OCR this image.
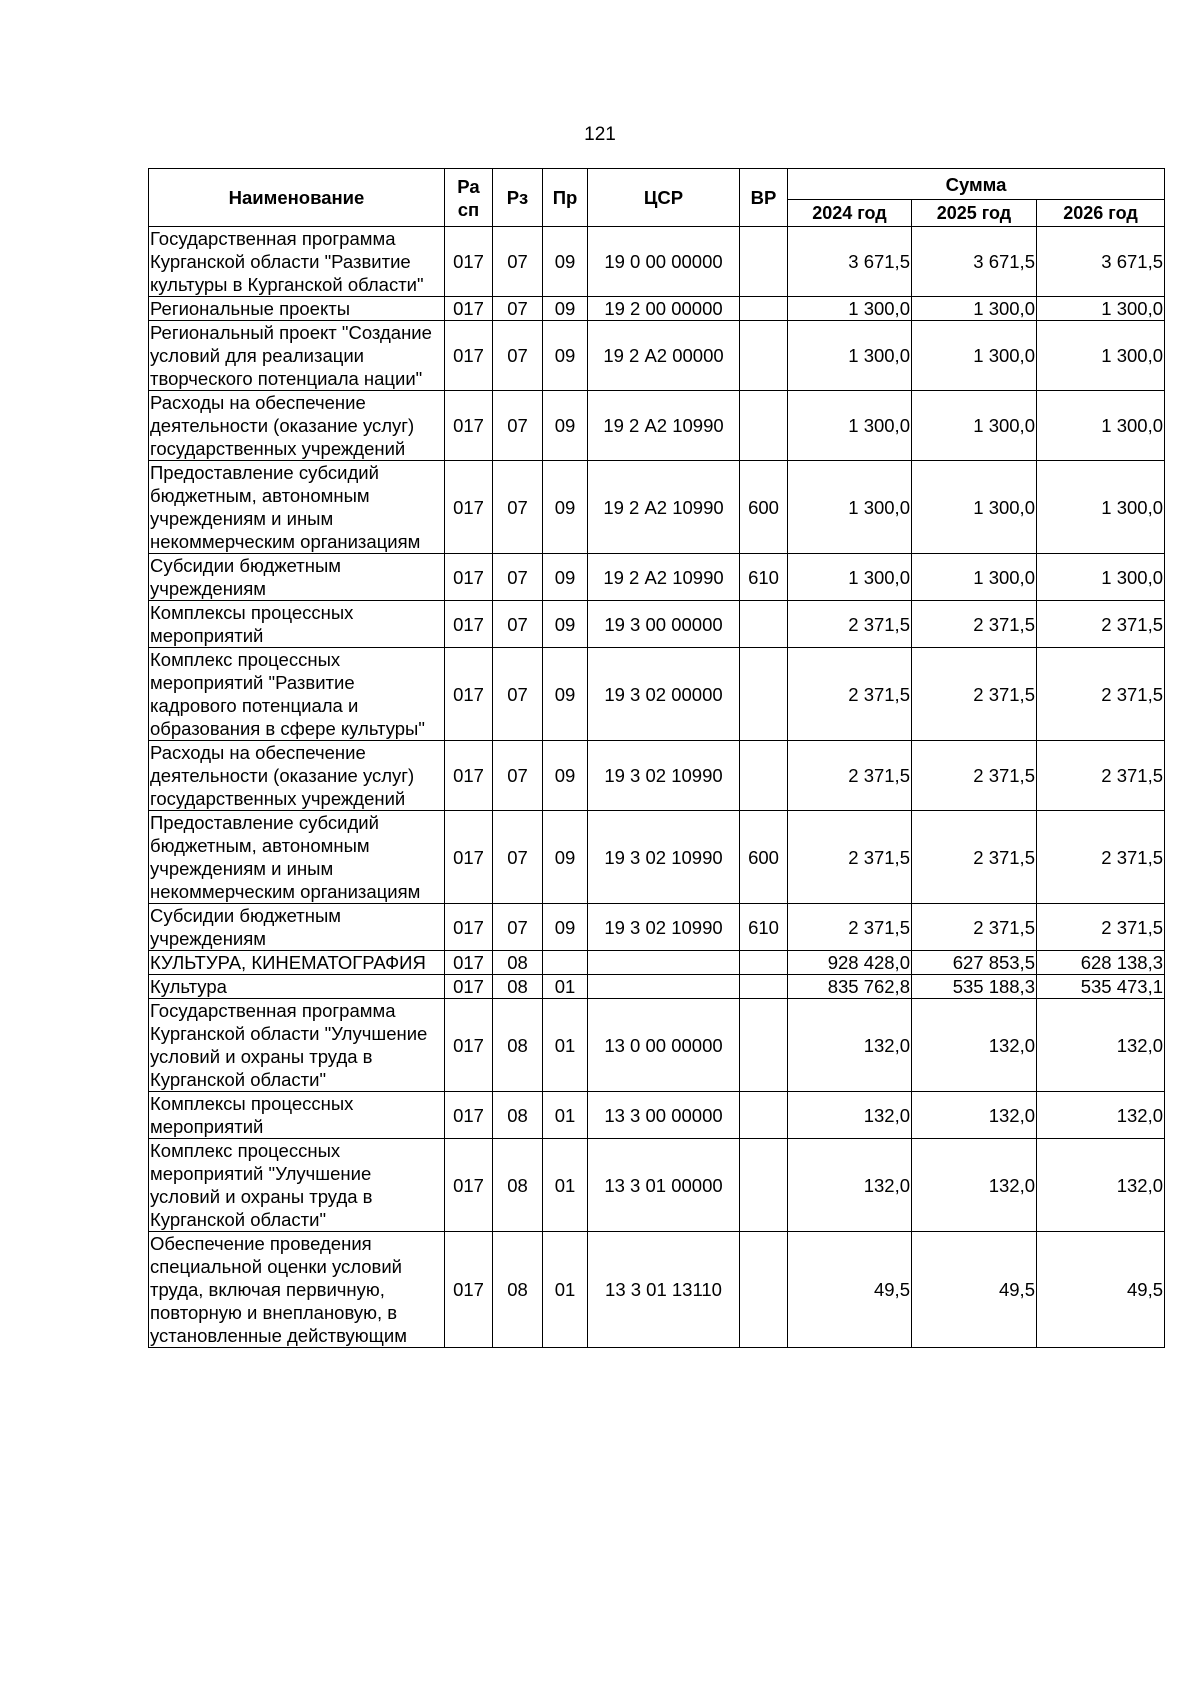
121
Наименование	Ра сп	Рз	Пр	ЦСР	ВР	Сумма		
						2024 год	2025 год	2026 год
Государственная программа Курганской области "Развитие культуры в Курганской области"	017	07	09	19 0 00 00000		3 671,5	3 671,5	3 671,5
Региональные проекты	017	07	09	19 2 00 00000		1 300,0	1 300,0	1 300,0
Региональный проект "Создание условий для реализации творческого потенциала нации"	017	07	09	19 2 А2 00000		1 300,0	1 300,0	1 300,0
Расходы на обеспечение деятельности (оказание услуг) государственных учреждений	017	07	09	19 2 А2 10990		1 300,0	1 300,0	1 300,0
Предоставление субсидий бюджетным, автономным учреждениям и иным некоммерческим организациям	017	07	09	19 2 А2 10990	600	1 300,0	1 300,0	1 300,0
Субсидии бюджетным учреждениям	017	07	09	19 2 А2 10990	610	1 300,0	1 300,0	1 300,0
Комплексы процессных мероприятий	017	07	09	19 3 00 00000		2 371,5	2 371,5	2 371,5
Комплекс процессных мероприятий "Развитие кадрового потенциала и образования в сфере культуры"	017	07	09	19 3 02 00000		2 371,5	2 371,5	2 371,5
Расходы на обеспечение деятельности (оказание услуг) государственных учреждений	017	07	09	19 3 02 10990		2 371,5	2 371,5	2 371,5
Предоставление субсидий бюджетным, автономным учреждениям и иным некоммерческим организациям	017	07	09	19 3 02 10990	600	2 371,5	2 371,5	2 371,5
Субсидии бюджетным учреждениям	017	07	09	19 3 02 10990	610	2 371,5	2 371,5	2 371,5
КУЛЬТУРА, КИНЕМАТОГРАФИЯ	017	08				928 428,0	627 853,5	628 138,3
Культура	017	08	01			835 762,8	535 188,3	535 473,1
Государственная программа Курганской области "Улучшение условий и охраны труда в Курганской области"	017	08	01	13 0 00 00000		132,0	132,0	132,0
Комплексы процессных мероприятий	017	08	01	13 3 00 00000		132,0	132,0	132,0
Комплекс процессных мероприятий "Улучшение условий и охраны труда в Курганской области"	017	08	01	13 3 01 00000		132,0	132,0	132,0
Обеспечение проведения специальной оценки условий труда, включая первичную, повторную и внеплановую, в установленные действующим	017	08	01	13 3 01 13110		49,5	49,5	49,5
